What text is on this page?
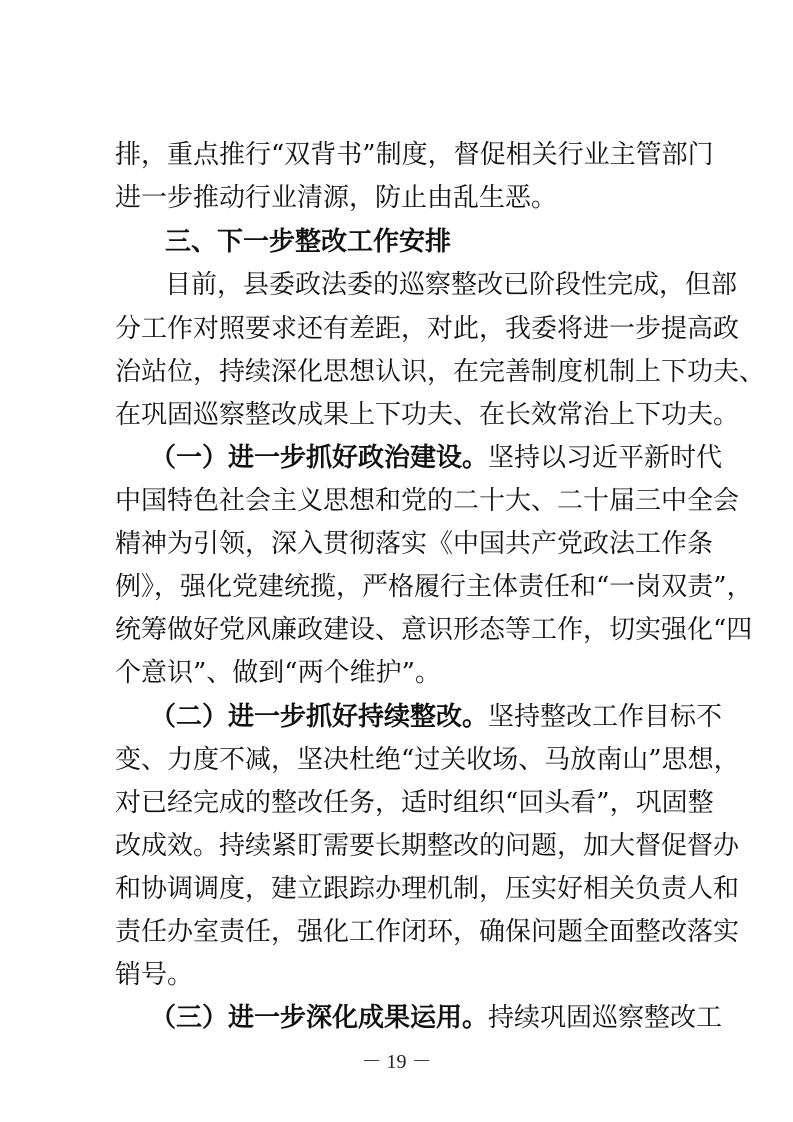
排，重点推行“双背书”制度，督促相关行业主管部门
进一步推动行业清源，防止由乱生恶。
三、下一步整改工作安排
目前，县委政法委的巡察整改已阶段性完成，但部
分工作对照要求还有差距，对此，我委将进一步提高政
治站位，持续深化思想认识，在完善制度机制上下功夫、
在巩固巡察整改成果上下功夫、在长效常治上下功夫。
（一）进一步抓好政治建设。坚持以习近平新时代
中国特色社会主义思想和党的二十大、二十届三中全会
精神为引领，深入贯彻落实《中国共产党政法工作条
例》，强化党建统揽，严格履行主体责任和“一岗双责”，
统筹做好党风廉政建设、意识形态等工作，切实强化“四
个意识”、做到“两个维护”。
（二）进一步抓好持续整改。坚持整改工作目标不
变、力度不减，坚决杜绝“过关收场、马放南山”思想，
对已经完成的整改任务，适时组织“回头看”，巩固整
改成效。持续紧盯需要长期整改的问题，加大督促督办
和协调调度，建立跟踪办理机制，压实好相关负责人和
责任办室责任，强化工作闭环，确保问题全面整改落实
销号。
（三）进一步深化成果运用。持续巩固巡察整改工
－ 19 －
